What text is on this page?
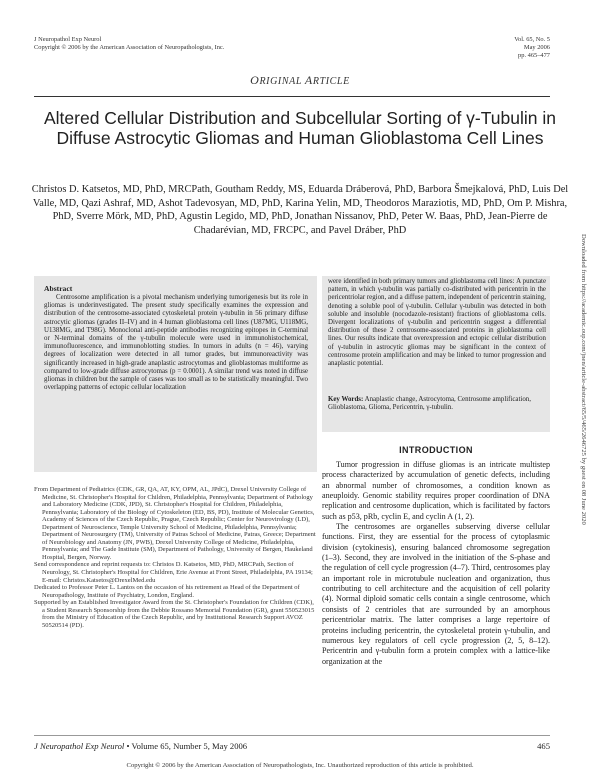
J Neuropathol Exp Neurol
Copyright © 2006 by the American Association of Neuropathologists, Inc.
Vol. 65, No. 5
May 2006
pp. 465–477
ORIGINAL ARTICLE
Altered Cellular Distribution and Subcellular Sorting of γ-Tubulin in Diffuse Astrocytic Gliomas and Human Glioblastoma Cell Lines
Christos D. Katsetos, MD, PhD, MRCPath, Goutham Reddy, MS, Eduarda Dráberová, PhD, Barbora Šmejkalová, PhD, Luis Del Valle, MD, Qazi Ashraf, MD, Ashot Tadevosyan, MD, PhD, Karina Yelin, MD, Theodoros Maraziotis, MD, PhD, Om P. Mishra, PhD, Sverre Mörk, MD, PhD, Agustin Legido, MD, PhD, Jonathan Nissanov, PhD, Peter W. Baas, PhD, Jean-Pierre de Chadarévian, MD, FRCPC, and Pavel Dráber, PhD
Abstract
Centrosome amplification is a pivotal mechanism underlying tumorigenesis but its role in gliomas is underinvestigated. The present study specifically examines the expression and distribution of the centrosome-associated cytoskeletal protein γ-tubulin in 56 primary diffuse astrocytic gliomas (grades II–IV) and in 4 human glioblastoma cell lines (U87MG, U118MG, U138MG, and T98G). Monoclonal anti-peptide antibodies recognizing epitopes in C-terminal or N-terminal domains of the γ-tubulin molecule were used in immunohistochemical, immunofluorescence, and immunoblotting studies. In tumors in adults (n = 46), varying degrees of localization were detected in all tumor grades, but immunoreactivity was significantly increased in high-grade anaplastic astrocytomas and glioblastomas multiforme as compared to low-grade diffuse astrocytomas (p = 0.0001). A similar trend was noted in diffuse gliomas in children but the sample of cases was too small as to be statistically meaningful. Two overlapping patterns of ectopic cellular localization
were identified in both primary tumors and glioblastoma cell lines: A punctate pattern, in which γ-tubulin was partially co-distributed with pericentrin in the pericentriolar region, and a diffuse pattern, independent of pericentrin staining, denoting a soluble pool of γ-tubulin. Cellular γ-tubulin was detected in both soluble and insoluble (nocodazole-resistant) fractions of glioblastoma cells. Divergent localizations of γ-tubulin and pericentrin suggest a differential distribution of these 2 centrosome-associated proteins in glioblastoma cell lines. Our results indicate that overexpression and ectopic cellular distribution of γ-tubulin in astrocytic gliomas may be significant in the context of centrosome protein amplification and may be linked to tumor progression and anaplastic potential.
Key Words: Anaplastic change, Astrocytoma, Centrosome amplification, Glioblastoma, Glioma, Pericentrin, γ-tubulin.

From Department of Pediatrics (CDK, GR, QA, AT, KY, OPM, AL, JPdC), Drexel University College of Medicine, St. Christopher's Hospital for Children, Philadelphia, Pennsylvania; Department of Pathology and Laboratory Medicine (CDK, JPD), St. Christopher's Hospital for Children, Philadelphia, Pennsylvania; Laboratory of the Biology of Cytoskeleton (ED, BS, PD), Institute of Molecular Genetics, Academy of Sciences of the Czech Republic, Prague, Czech Republic; Center for Neurovirology (LD), Department of Neuroscience, Temple University School of Medicine, Philadelphia, Pennsylvania; Department of Neurosurgery (TM), University of Patras School of Medicine, Patras, Greece; Department of Neurobiology and Anatomy (JN, PWB), Drexel University College of Medicine, Philadelphia, Pennsylvania; and The Gade Institute (SM), Department of Pathology, University of Bergen, Haukeland Hospital, Bergen, Norway.

Send correspondence and reprint requests to: Christos D. Katsetos, MD, PhD, MRCPath, Section of Neurology, St. Christopher's Hospital for Children, Erie Avenue at Front Street, Philadelphia, PA 19134; E-mail: Christos.Katsetos@DrexelMed.edu

Dedicated to Professor Peter L. Lantos on the occasion of his retirement as Head of the Department of Neuropathology, Institute of Psychiatry, London, England.

Supported by an Established Investigator Award from the St. Christopher's Foundation for Children (CDK), a Student Research Sponsorship from the Debbie Rossano Memorial Foundation (GR), grant 550523015 from the Ministry of Education of the Czech Republic, and by Institutional Research Support AVOZ 50520514 (PD).

INTRODUCTION

Tumor progression in diffuse gliomas is an intricate multistep process characterized by accumulation of genetic defects, including an abnormal number of chromosomes, a condition known as aneuploidy. Genomic stability requires proper coordination of DNA replication and centrosome duplication, which is facilitated by factors such as p53, pRb, cyclin E, and cyclin A (1, 2).

The centrosomes are organelles subserving diverse cellular functions. First, they are essential for the process of cytoplasmic division (cytokinesis), ensuring balanced chromosome segregation (1–3). Second, they are involved in the initiation of the S-phase and the regulation of cell cycle progression (4–7). Third, centrosomes play an important role in microtubule nucleation and organization, thus contributing to cell architecture and the acquisition of cell polarity (4). Normal diploid somatic cells contain a single centrosome, which consists of 2 centrioles that are surrounded by an amorphous pericentriolar matrix. The latter comprises a large repertoire of proteins including pericentrin, the cytoskeletal protein γ-tubulin, and numerous key regulators of cell cycle progression (2, 5, 8–12). Pericentrin and γ-tubulin form a protein complex with a lattice-like organization at the

J Neuropathol Exp Neurol • Volume 65, Number 5, May 2006	465
Copyright © 2006 by the American Association of Neuropathologists, Inc. Unauthorized reproduction of this article is prohibited.
Downloaded from https://academic.oup.com/jnen/article-abstract/65/5/465/2646725 by guest on 08 June 2020
